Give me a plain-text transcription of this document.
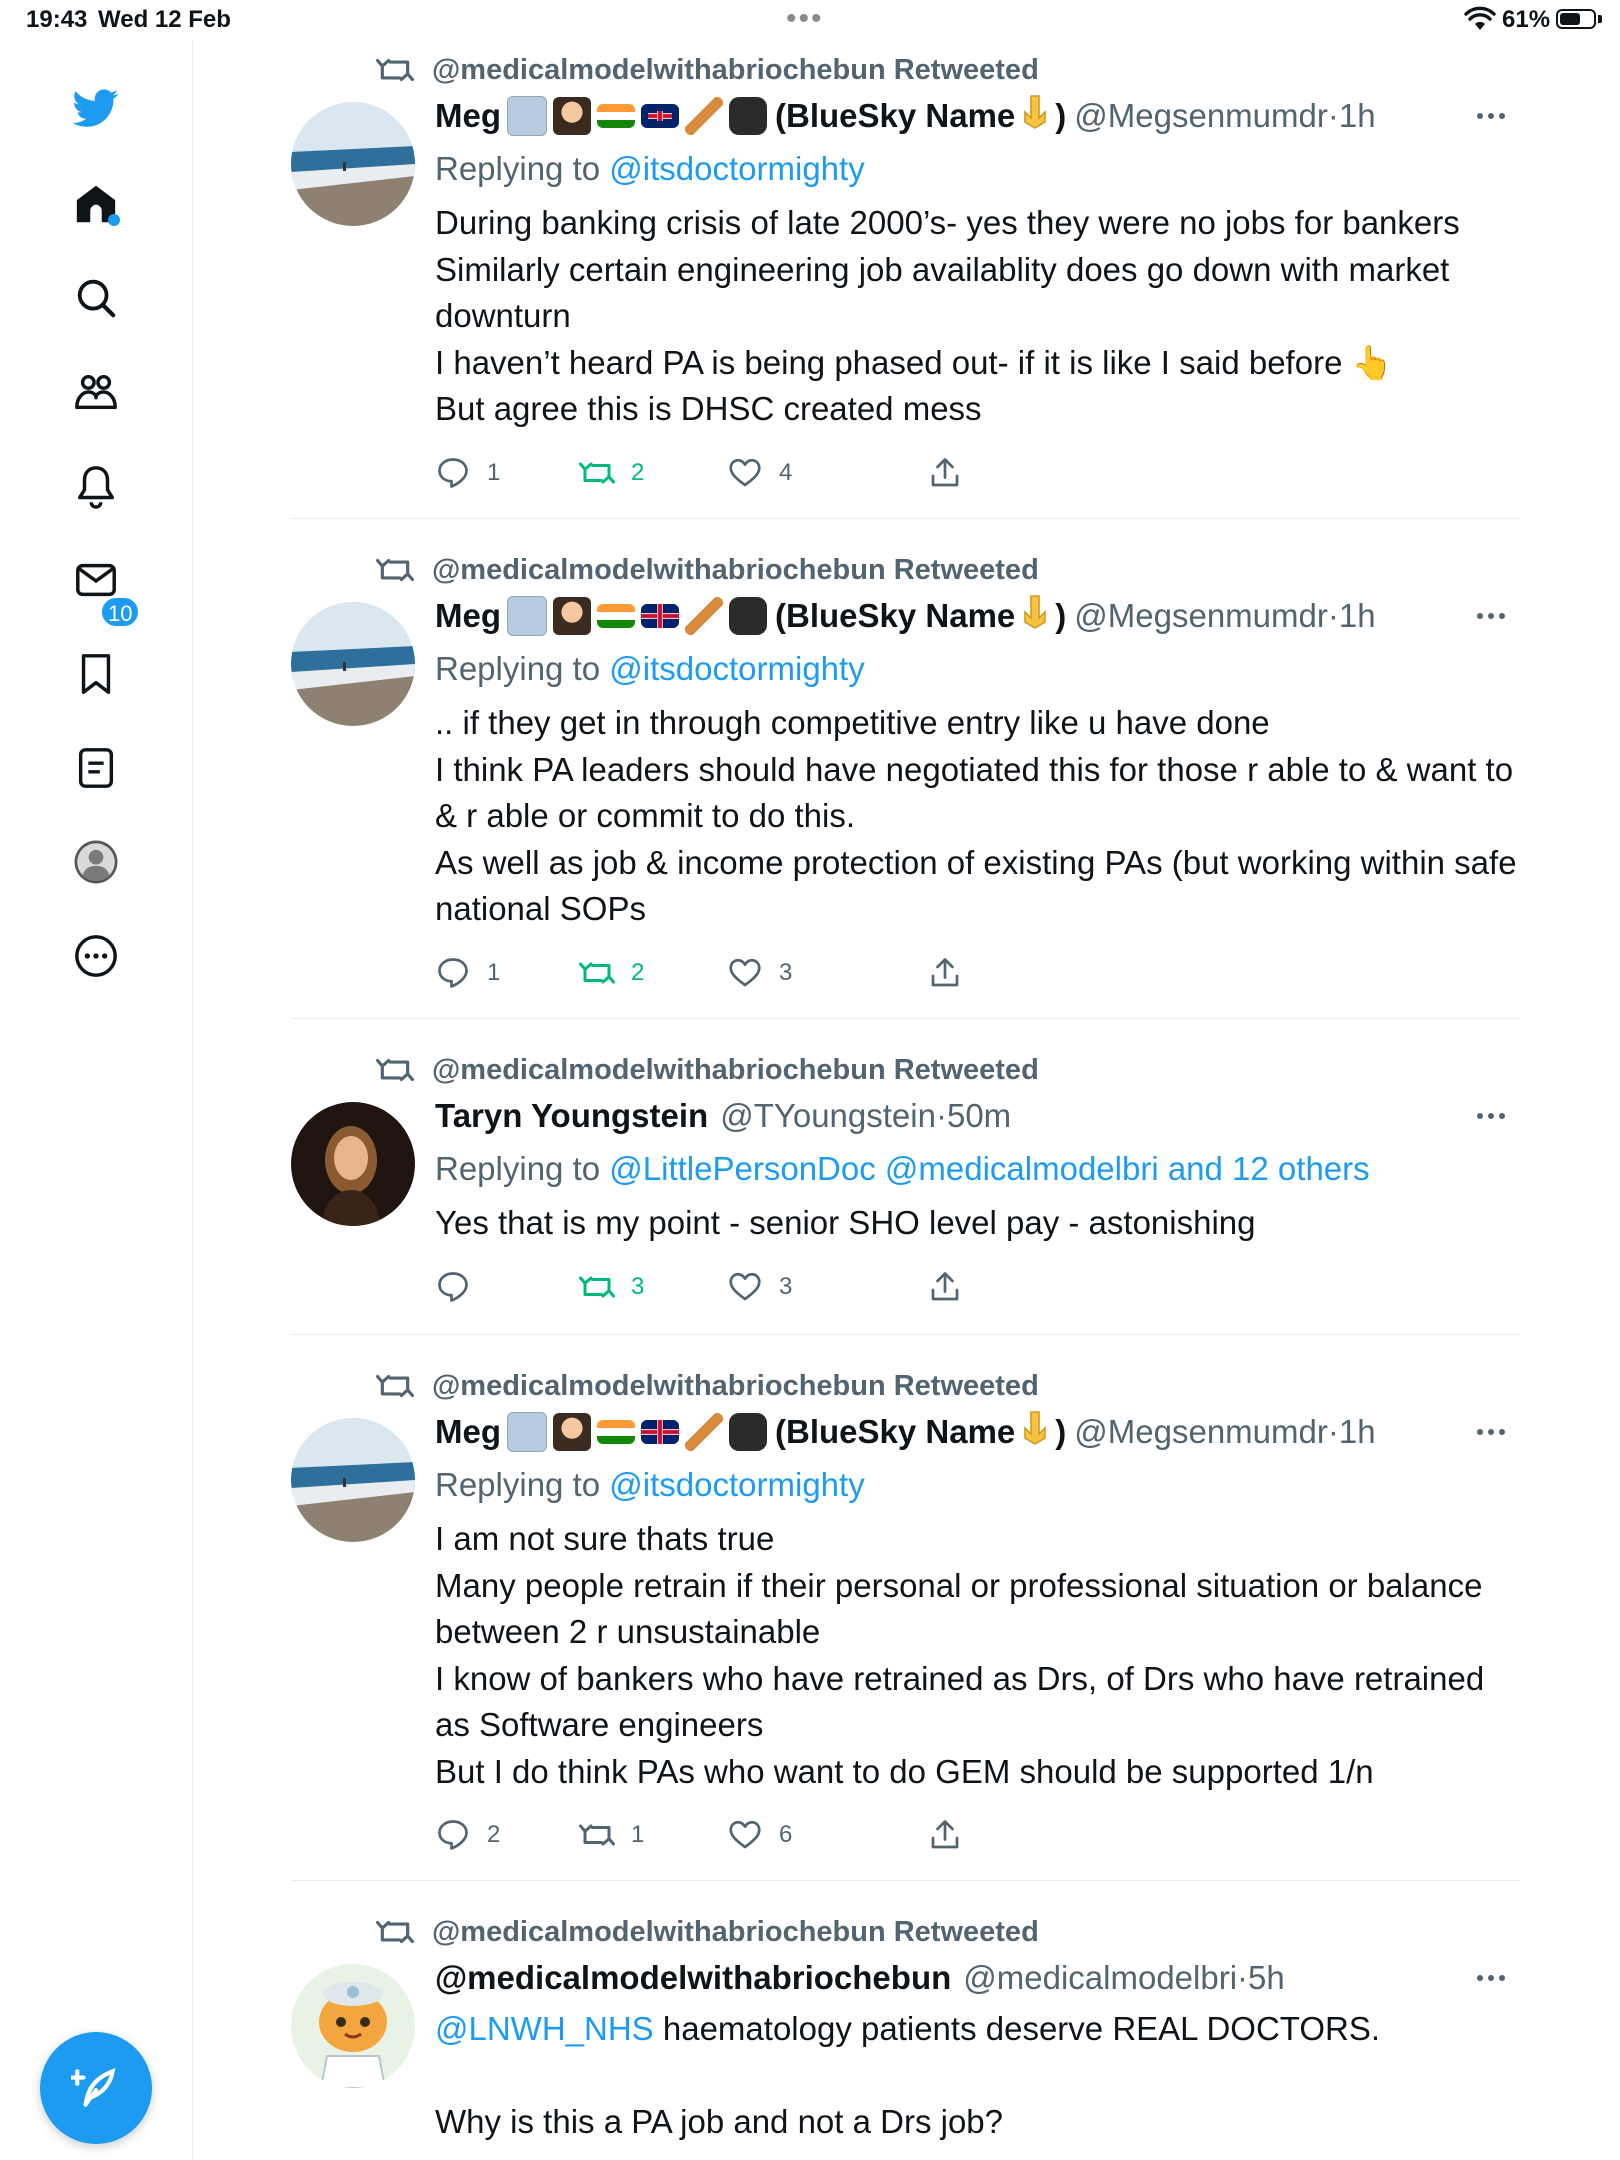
19:43 Wed 12 Feb	•••	61%
10
@medicalmodelwithabriochebun Retweeted
Meg	(BlueSky Name ) @Megsenmumdr · 1h
Replying to @itsdoctormighty

During banking crisis of late 2000’s- yes they were no jobs for bankers

Similarly certain engineering job availablity does go down with market downturn

I haven’t heard PA is being phased out- if it is like I said before 👆

But agree this is DHSC created mess

1	2	4
@medicalmodelwithabriochebun Retweeted
Meg	(BlueSky Name ) @Megsenmumdr · 1h
Replying to @itsdoctormighty

.. if they get in through competitive entry like u have done

I think PA leaders should have negotiated this for those r able to & want to & r able or commit to do this.

As well as job & income protection of existing PAs (but working within safe national SOPs

1	2	3
@medicalmodelwithabriochebun Retweeted
Taryn Youngstein @TYoungstein · 50m
Replying to @LittlePersonDoc @medicalmodelbri and 12 others

Yes that is my point - senior SHO level pay - astonishing

3	3
@medicalmodelwithabriochebun Retweeted
Meg	(BlueSky Name ) @Megsenmumdr · 1h
Replying to @itsdoctormighty

I am not sure thats true

Many people retrain if their personal or professional situation or balance between 2 r unsustainable

I know of bankers who have retrained as Drs, of Drs who have retrained as Software engineers

But I do think PAs who want to do GEM should be supported 1/n

2	1	6
@medicalmodelwithabriochebun Retweeted
@medicalmodelwithabriochebun @medicalmodelbri · 5h

@LNWH_NHS haematology patients deserve REAL DOCTORS.

Why is this a PA job and not a Drs job?
